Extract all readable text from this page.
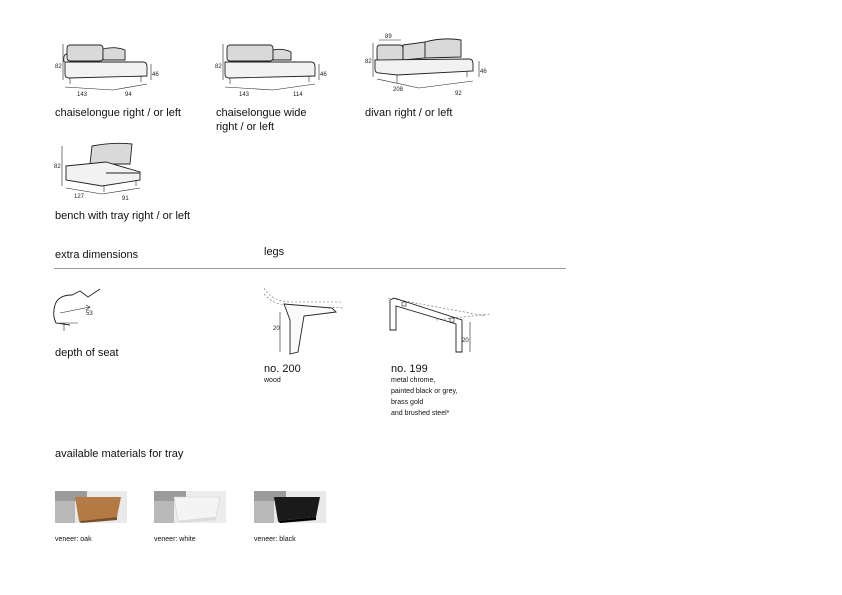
82
46
143	94
chaiselongue right / or left
82
46
143	114
chaiselongue wide
right / or left
89
82
46
208
92
divan right / or left
82
127	91
bench with tray right / or left
extra dimensions	legs
53
depth of seat
20
no. 200
wood
20
no. 199
metal chrome,
painted black or grey,
brass gold
and brushed steel*
available materials for tray
veneer: oak	veneer: white	veneer: black
